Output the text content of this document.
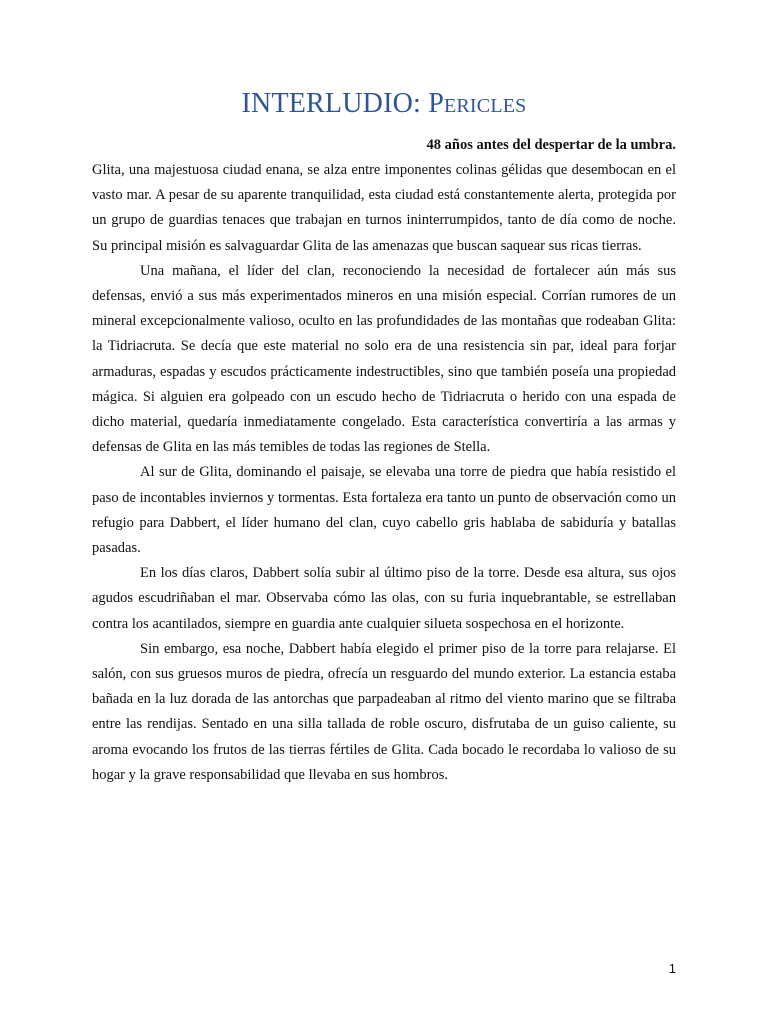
INTERLUDIO: Pericles

48 años antes del despertar de la umbra.

Glita, una majestuosa ciudad enana, se alza entre imponentes colinas gélidas que desembocan en el vasto mar. A pesar de su aparente tranquilidad, esta ciudad está constantemente alerta, protegida por un grupo de guardias tenaces que trabajan en turnos ininterrumpidos, tanto de día como de noche. Su principal misión es salvaguardar Glita de las amenazas que buscan saquear sus ricas tierras.

Una mañana, el líder del clan, reconociendo la necesidad de fortalecer aún más sus defensas, envió a sus más experimentados mineros en una misión especial. Corrían rumores de un mineral excepcionalmente valioso, oculto en las profundidades de las montañas que rodeaban Glita: la Tidriacruta. Se decía que este material no solo era de una resistencia sin par, ideal para forjar armaduras, espadas y escudos prácticamente indestructibles, sino que también poseía una propiedad mágica. Si alguien era golpeado con un escudo hecho de Tidriacruta o herido con una espada de dicho material, quedaría inmediatamente congelado. Esta característica convertiría a las armas y defensas de Glita en las más temibles de todas las regiones de Stella.

Al sur de Glita, dominando el paisaje, se elevaba una torre de piedra que había resistido el paso de incontables inviernos y tormentas. Esta fortaleza era tanto un punto de observación como un refugio para Dabbert, el líder humano del clan, cuyo cabello gris hablaba de sabiduría y batallas pasadas.

En los días claros, Dabbert solía subir al último piso de la torre. Desde esa altura, sus ojos agudos escudriñaban el mar. Observaba cómo las olas, con su furia inquebrantable, se estrellaban contra los acantilados, siempre en guardia ante cualquier silueta sospechosa en el horizonte.

Sin embargo, esa noche, Dabbert había elegido el primer piso de la torre para relajarse. El salón, con sus gruesos muros de piedra, ofrecía un resguardo del mundo exterior. La estancia estaba bañada en la luz dorada de las antorchas que parpadeaban al ritmo del viento marino que se filtraba entre las rendijas. Sentado en una silla tallada de roble oscuro, disfrutaba de un guiso caliente, su aroma evocando los frutos de las tierras fértiles de Glita. Cada bocado le recordaba lo valioso de su hogar y la grave responsabilidad que llevaba en sus hombros.

1
